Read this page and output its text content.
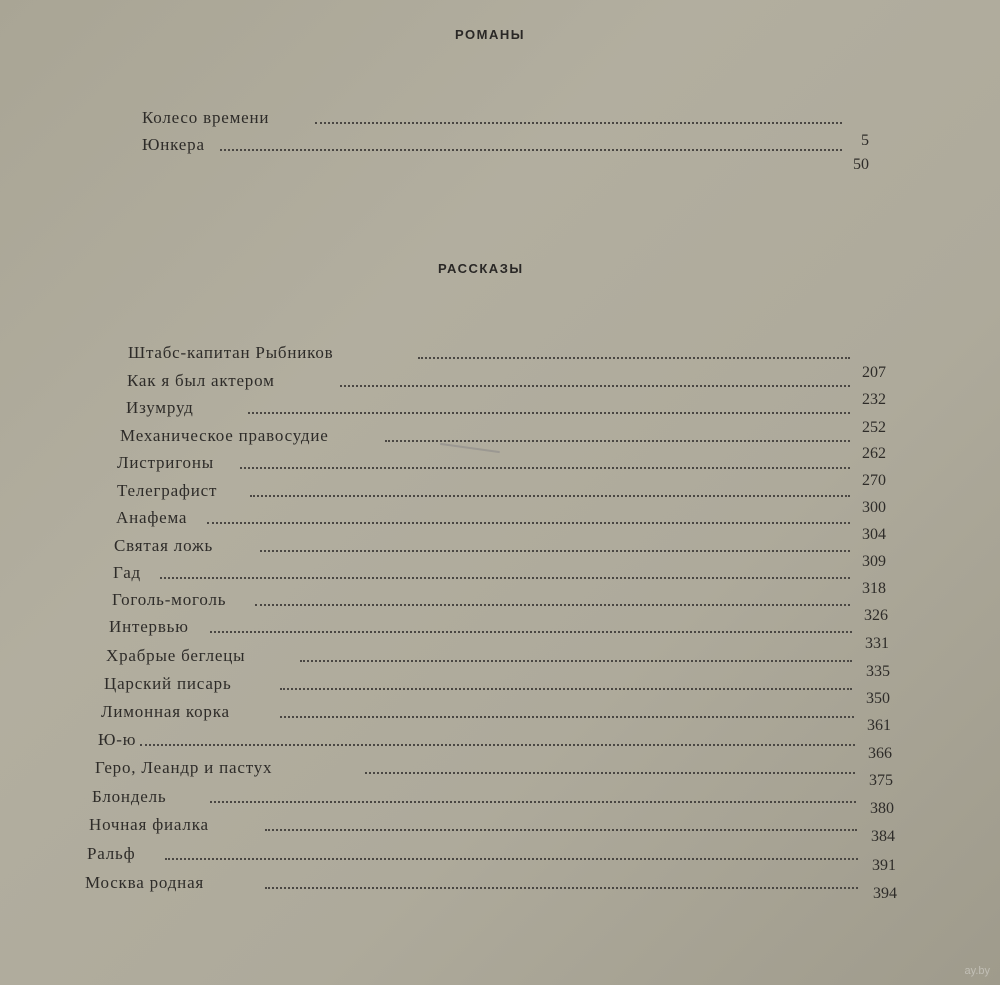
РОМАНЫ
Колесо времени
5
Юнкера
50
РАССКАЗЫ
Штабс-капитан Рыбников
207
Как я был актером
232
Изумруд
252
Механическое правосудие
262
Листригоны
270
Телеграфист
300
Анафема
304
Святая ложь
309
Гад
318
Гоголь-моголь
326
Интервью
331
Храбрые беглецы
335
Царский писарь
350
Лимонная корка
361
Ю-ю
366
Геро, Леандр и пастух
375
Блондель
380
Ночная фиалка
384
Ральф
391
Москва родная
394
ay.by
